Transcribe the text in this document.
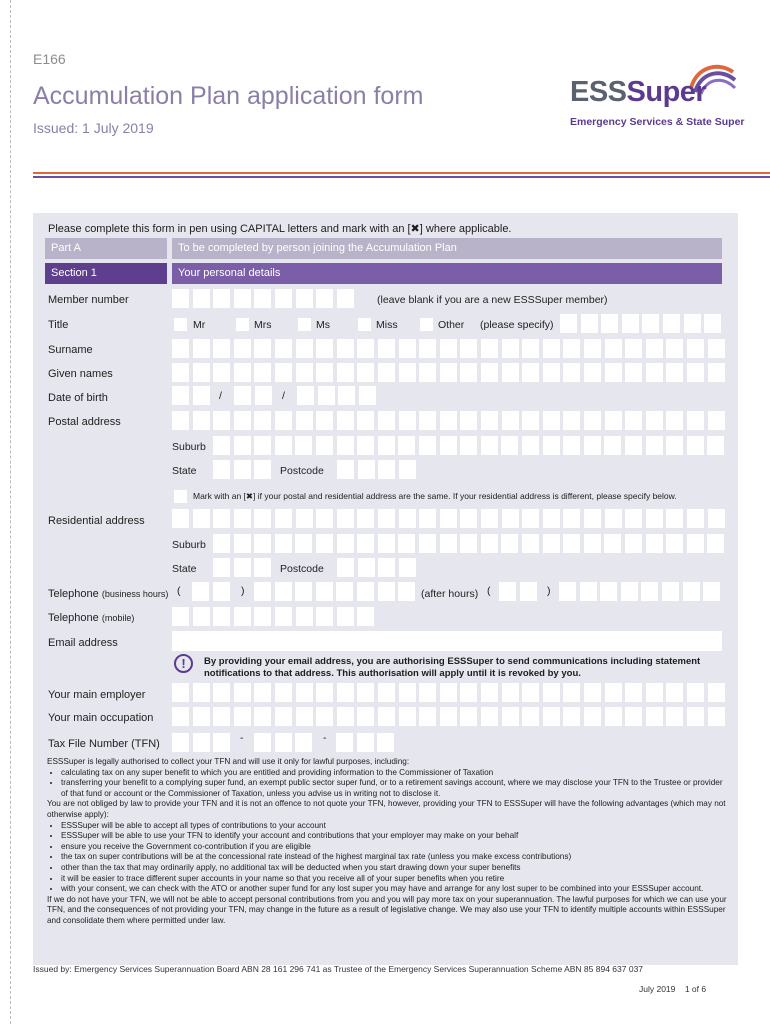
E166
Accumulation Plan application form
Issued: 1 July 2019
ESSSuper
Emergency Services & State Super
Please complete this form in pen using CAPITAL letters and mark with an [✖] where applicable.
Part A	To be completed by person joining the Accumulation Plan
Section 1	Your personal details
Member number	(leave blank if you are a new ESSSuper member)
Title	Mr	Mrs	Ms	Miss	Other (please specify)
Surname
Given names
Date of birth	/	/
Postal address
Suburb
State	Postcode
Mark with an [✖] if your postal and residential address are the same. If your residential address is different, please specify below.
Residential address
Suburb
State	Postcode
Telephone (business hours) (	)	(after hours) (	)
Telephone (mobile)
Email address
!	By providing your email address, you are authorising ESSSuper to send communications including statement notifications to that address. This authorisation will apply until it is revoked by you.
Your main employer
Your main occupation
Tax File Number (TFN)	-	-

ESSSuper is legally authorised to collect your TFN and will use it only for lawful purposes, including:

• calculating tax on any super benefit to which you are entitled and providing information to the Commissioner of Taxation
• transferring your benefit to a complying super fund, an exempt public sector super fund, or to a retirement savings account, where we may disclose your TFN to the Trustee or provider of that fund or account or the Commissioner of Taxation, unless you advise us in writing not to disclose it.

You are not obliged by law to provide your TFN and it is not an offence to not quote your TFN, however, providing your TFN to ESSSuper will have the following advantages (which may not otherwise apply):

• ESSSuper will be able to accept all types of contributions to your account
• ESSSuper will be able to use your TFN to identify your account and contributions that your employer may make on your behalf
• ensure you receive the Government co-contribution if you are eligible
• the tax on super contributions will be at the concessional rate instead of the highest marginal tax rate (unless you make excess contributions)
• other than the tax that may ordinarily apply, no additional tax will be deducted when you start drawing down your super benefits
• it will be easier to trace different super accounts in your name so that you receive all of your super benefits when you retire
• with your consent, we can check with the ATO or another super fund for any lost super you may have and arrange for any lost super to be combined into your ESSSuper account.

If we do not have your TFN, we will not be able to accept personal contributions from you and you will pay more tax on your superannuation. The lawful purposes for which we can use your TFN, and the consequences of not providing your TFN, may change in the future as a result of legislative change. We may also use your TFN to identify multiple accounts within ESSSuper and consolidate them where permitted under law.

Issued by: Emergency Services Superannuation Board ABN 28 161 296 741 as Trustee of the Emergency Services Superannuation Scheme ABN 85 894 637 037
July 2019 1 of 6
